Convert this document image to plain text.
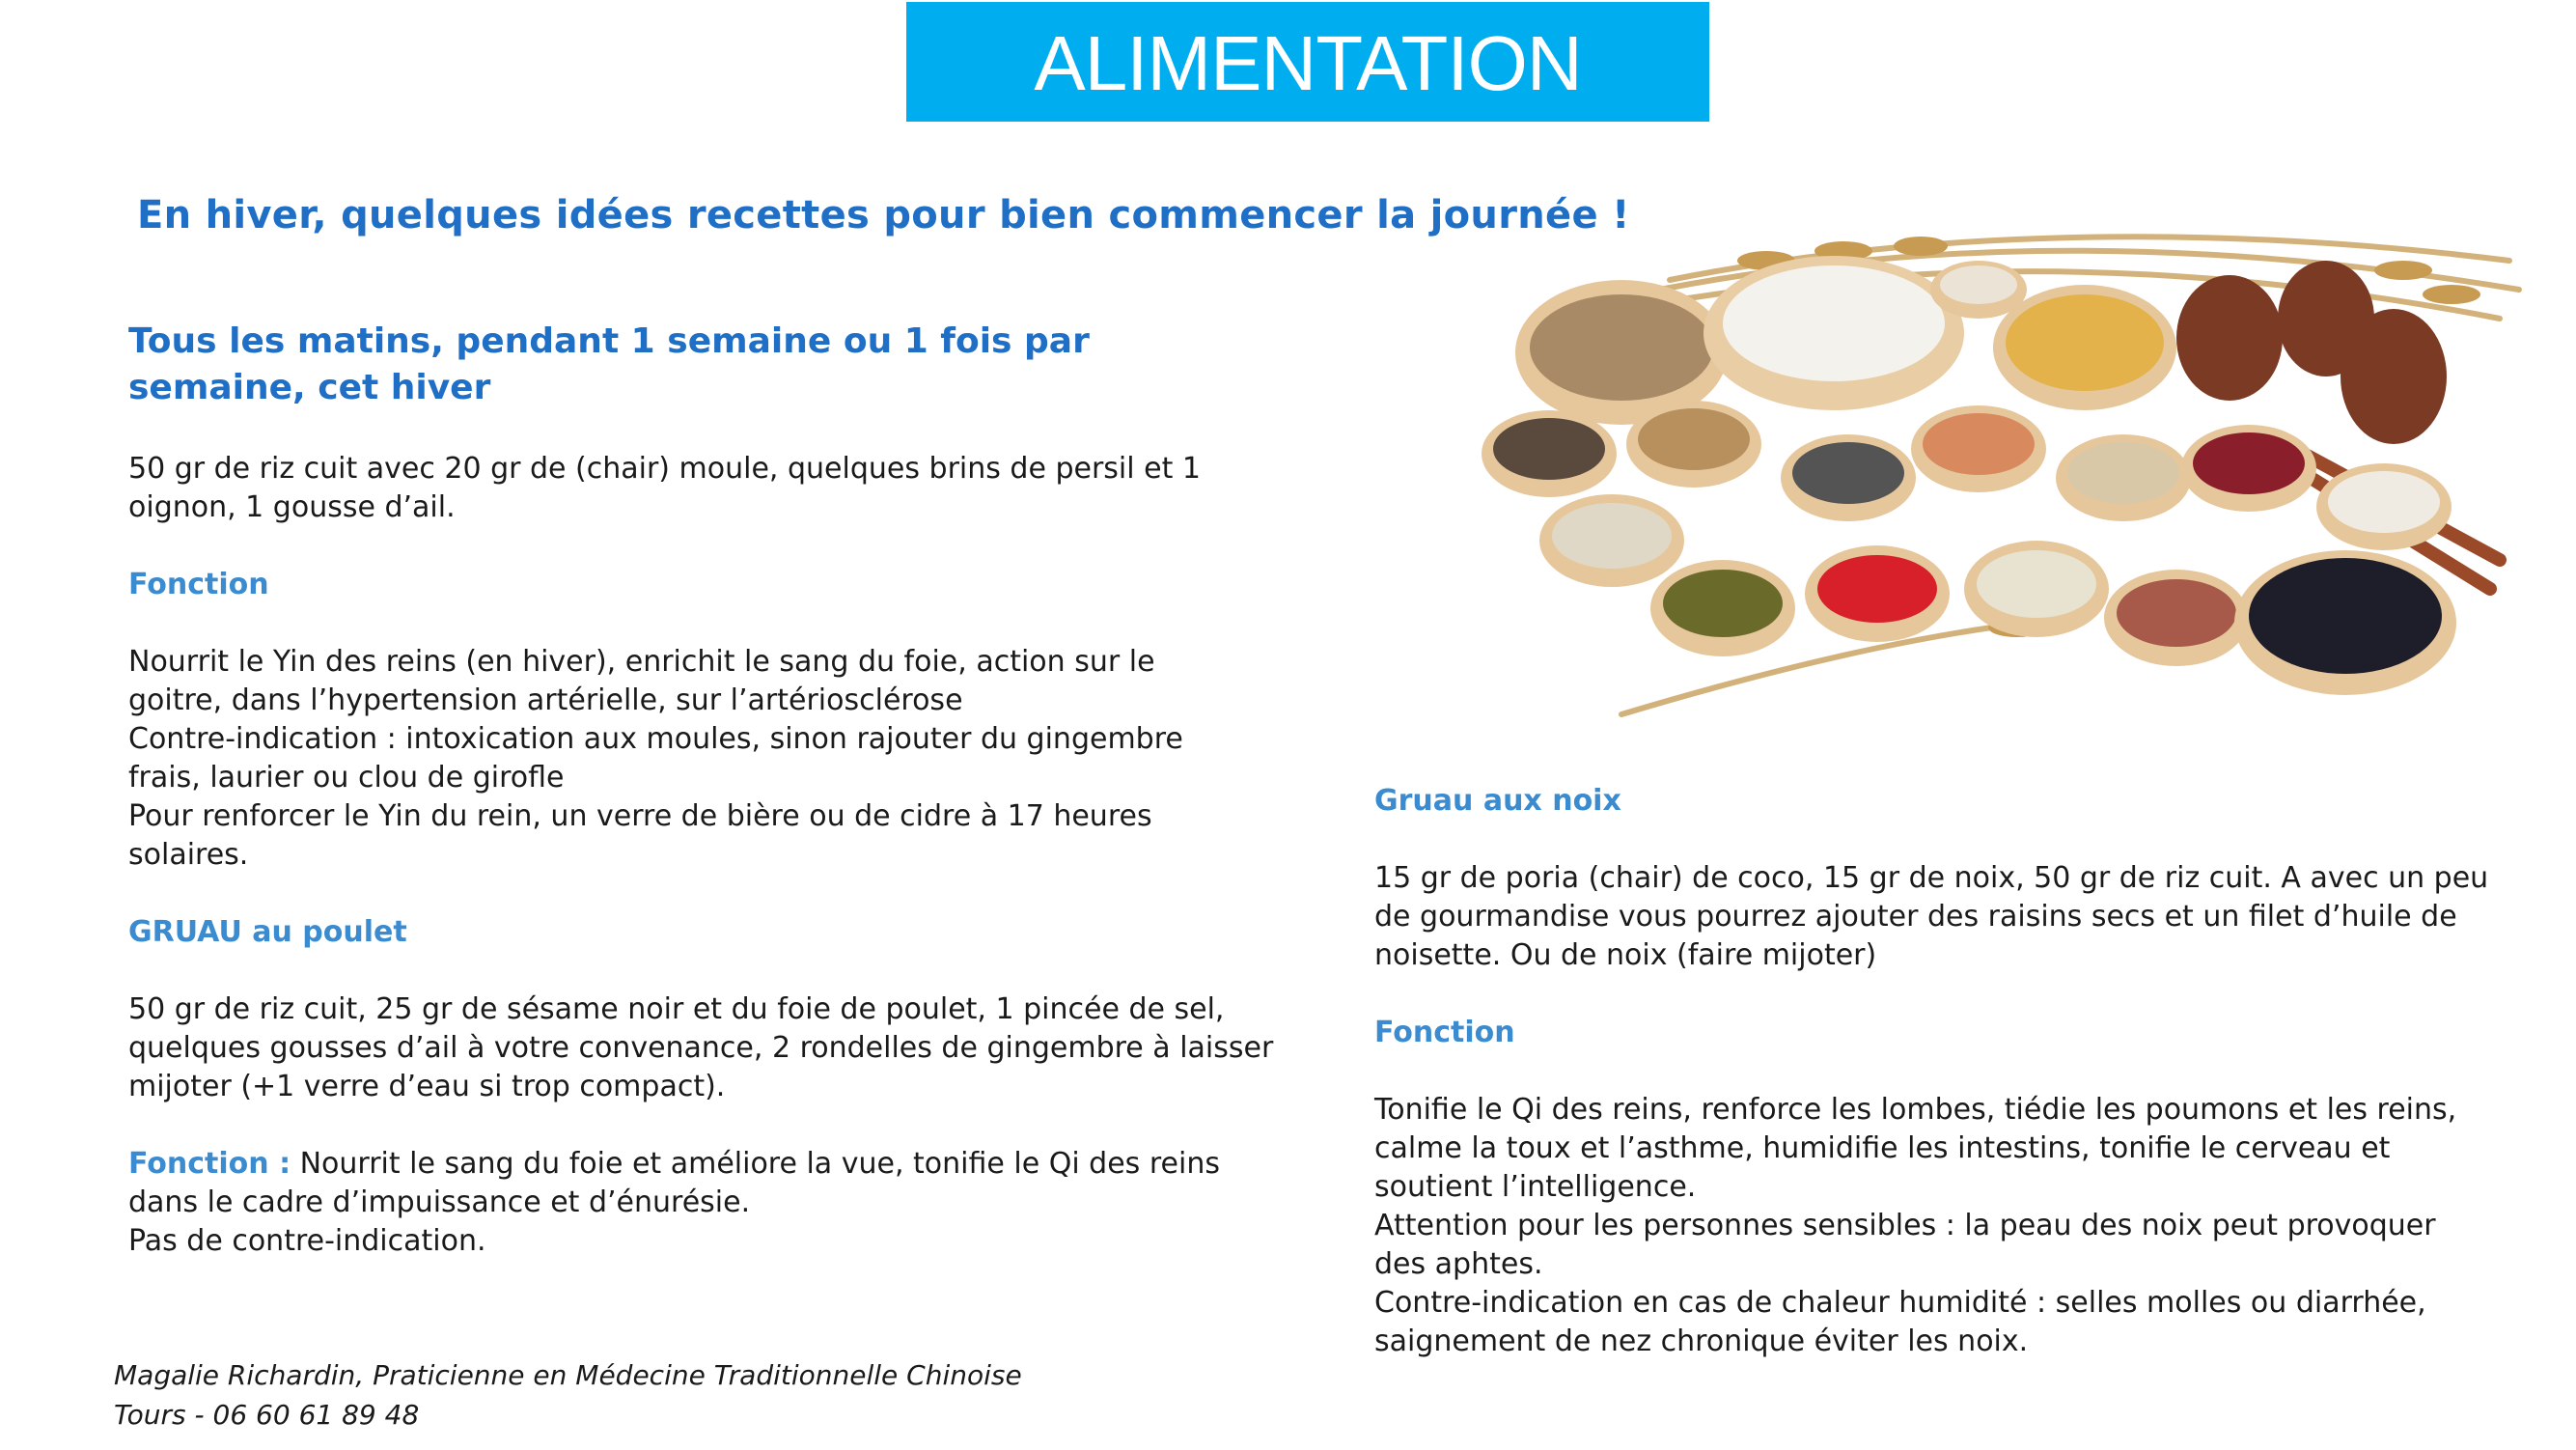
ALIMENTATION
En hiver, quelques idées recettes pour bien commencer la journée !

Tous les matins, pendant 1 semaine ou 1 fois par semaine, cet hiver

50 gr de riz cuit avec 20 gr de (chair) moule, quelques brins de persil et 1 oignon, 1 gousse d’ail.

Fonction

Nourrit le Yin des reins (en hiver), enrichit le sang du foie, action sur le goitre, dans l’hypertension artérielle, sur l’artériosclérose

Contre-indication : intoxication aux moules, sinon rajouter du gingembre frais, laurier ou clou de girofle

Pour renforcer le Yin du rein, un verre de bière ou de cidre à 17 heures solaires.

GRUAU au poulet

50 gr de riz cuit, 25 gr de sésame noir et du foie de poulet, 1 pincée de sel, quelques gousses d’ail à votre convenance, 2 rondelles de gingembre à laisser mijoter (+1 verre d’eau si trop compact).

Fonction : Nourrit le sang du foie et améliore la vue, tonifie le Qi des reins dans le cadre d’impuissance et d’énurésie.

Pas de contre-indication.

Gruau aux noix

15 gr de poria (chair) de coco, 15 gr de noix, 50 gr de riz cuit. A avec un peu de gourmandise vous pourrez ajouter des raisins secs et un filet d’huile de noisette. Ou de noix (faire mijoter)

Fonction

Tonifie le Qi des reins, renforce les lombes, tiédie les poumons et les reins, calme la toux et l’asthme, humidifie les intestins, tonifie le cerveau et soutient l’intelligence.

Attention pour les personnes sensibles : la peau des noix peut provoquer des aphtes.

Contre-indication en cas de chaleur humidité : selles molles ou diarrhée, saignement de nez chronique éviter les noix.

Magalie Richardin, Praticienne en Médecine Traditionnelle Chinoise
Tours - 06 60 61 89 48
